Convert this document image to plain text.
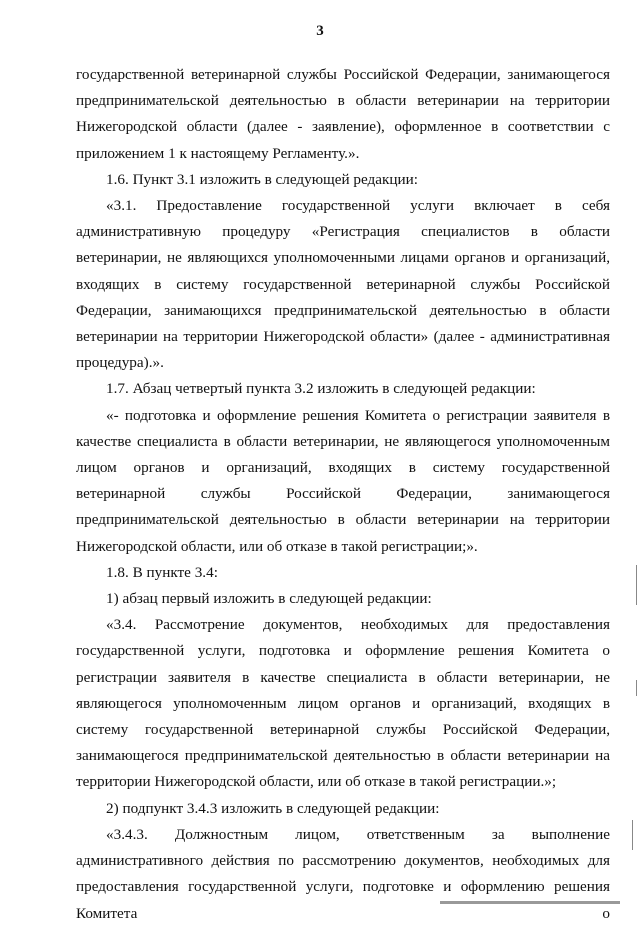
3

государственной ветеринарной службы Российской Федерации, занимающегося предпринимательской деятельностью в области ветеринарии на территории Нижегородской области (далее - заявление), оформленное в соответствии с приложением 1 к настоящему Регламенту.».

1.6. Пункт 3.1 изложить в следующей редакции:

«3.1. Предоставление государственной услуги включает в себя административную процедуру «Регистрация специалистов в области ветеринарии, не являющихся уполномоченными лицами органов и организаций, входящих в систему государственной ветеринарной службы Российской Федерации, занимающихся предпринимательской деятельностью в области ветеринарии на территории Нижегородской области» (далее - административная процедура).».

1.7. Абзац четвертый пункта 3.2 изложить в следующей редакции:

«- подготовка и оформление решения Комитета о регистрации заявителя в качестве специалиста в области ветеринарии, не являющегося уполномоченным лицом органов и организаций, входящих в систему государственной ветеринарной службы Российской Федерации, занимающегося предпринимательской деятельностью в области ветеринарии на территории Нижегородской области, или об отказе в такой регистрации;».

1.8. В пункте 3.4:

1) абзац первый изложить в следующей редакции:

«3.4. Рассмотрение документов, необходимых для предоставления государственной услуги, подготовка и оформление решения Комитета о регистрации заявителя в качестве специалиста в области ветеринарии, не являющегося уполномоченным лицом органов и организаций, входящих в систему государственной ветеринарной службы Российской Федерации, занимающегося предпринимательской деятельностью в области ветеринарии на территории Нижегородской области, или об отказе в такой регистрации.»;

2) подпункт 3.4.3 изложить в следующей редакции:

«3.4.3. Должностным лицом, ответственным за выполнение административного действия по рассмотрению документов, необходимых для предоставления государственной услуги, подготовке и оформлению решения Комитета о
